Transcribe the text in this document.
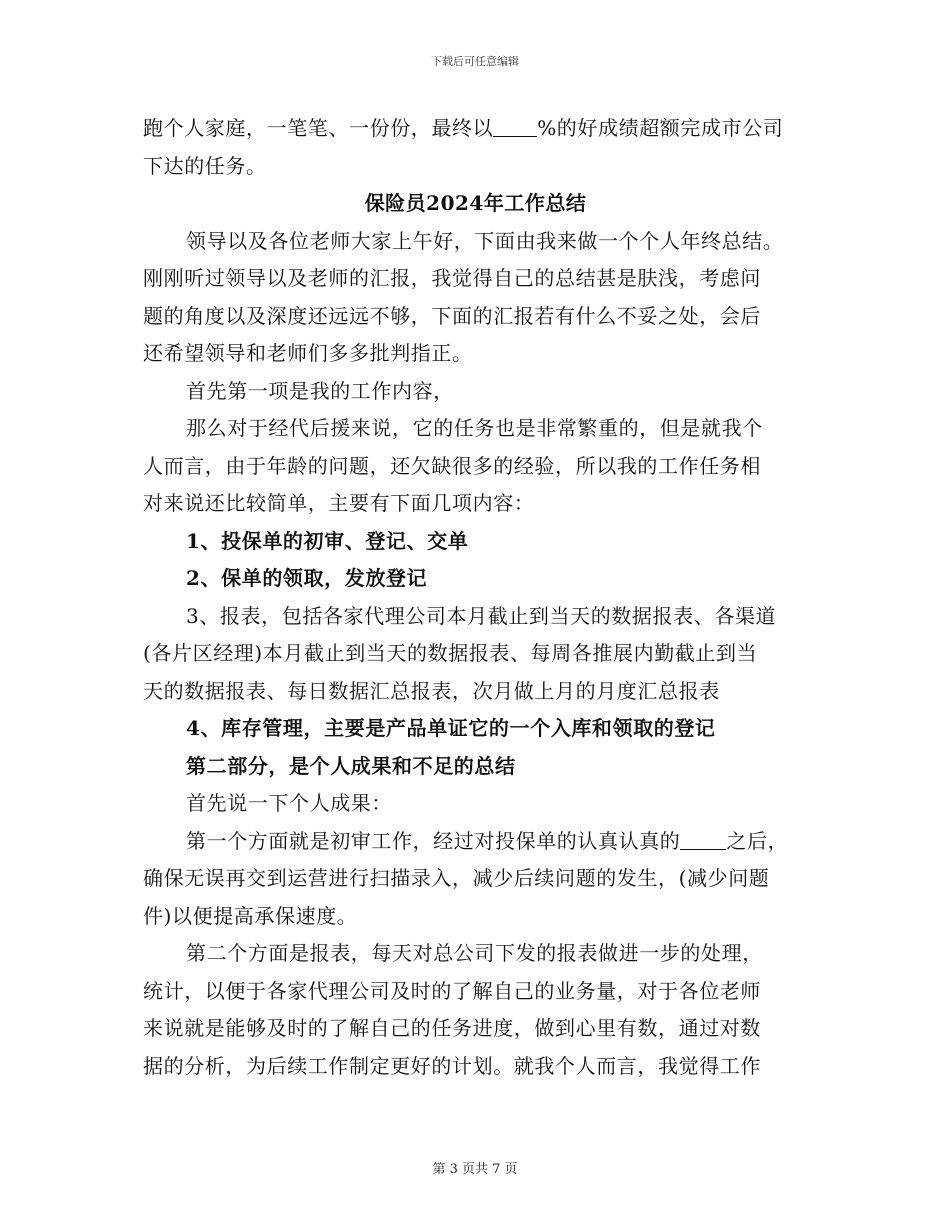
下载后可任意编辑
跑个人家庭，一笔笔、一份份，最终以 %的好成绩超额完成市公司
下达的任务。
保险员2024年工作总结
领导以及各位老师大家上午好，下面由我来做一个个人年终总结。
刚刚听过领导以及老师的汇报，我觉得自己的总结甚是肤浅，考虑问
题的角度以及深度还远远不够，下面的汇报若有什么不妥之处，会后
还希望领导和老师们多多批判指正。
首先第一项是我的工作内容，
那么对于经代后援来说，它的任务也是非常繁重的，但是就我个
人而言，由于年龄的问题，还欠缺很多的经验，所以我的工作任务相
对来说还比较简单，主要有下面几项内容：
1、投保单的初审、登记、交单
2、保单的领取，发放登记
3、报表，包括各家代理公司本月截止到当天的数据报表、各渠道
(各片区经理)本月截止到当天的数据报表、每周各推展内勤截止到当
天的数据报表、每日数据汇总报表，次月做上月的月度汇总报表
4、库存管理，主要是产品单证它的一个入库和领取的登记
第二部分，是个人成果和不足的总结
首先说一下个人成果：
第一个方面就是初审工作，经过对投保单的认真认真的 之后，
确保无误再交到运营进行扫描录入，减少后续问题的发生，(减少问题
件)以便提高承保速度。
第二个方面是报表，每天对总公司下发的报表做进一步的处理，
统计，以便于各家代理公司及时的了解自己的业务量，对于各位老师
来说就是能够及时的了解自己的任务进度，做到心里有数，通过对数
据的分析，为后续工作制定更好的计划。就我个人而言，我觉得工作
第 3 页共 7 页
